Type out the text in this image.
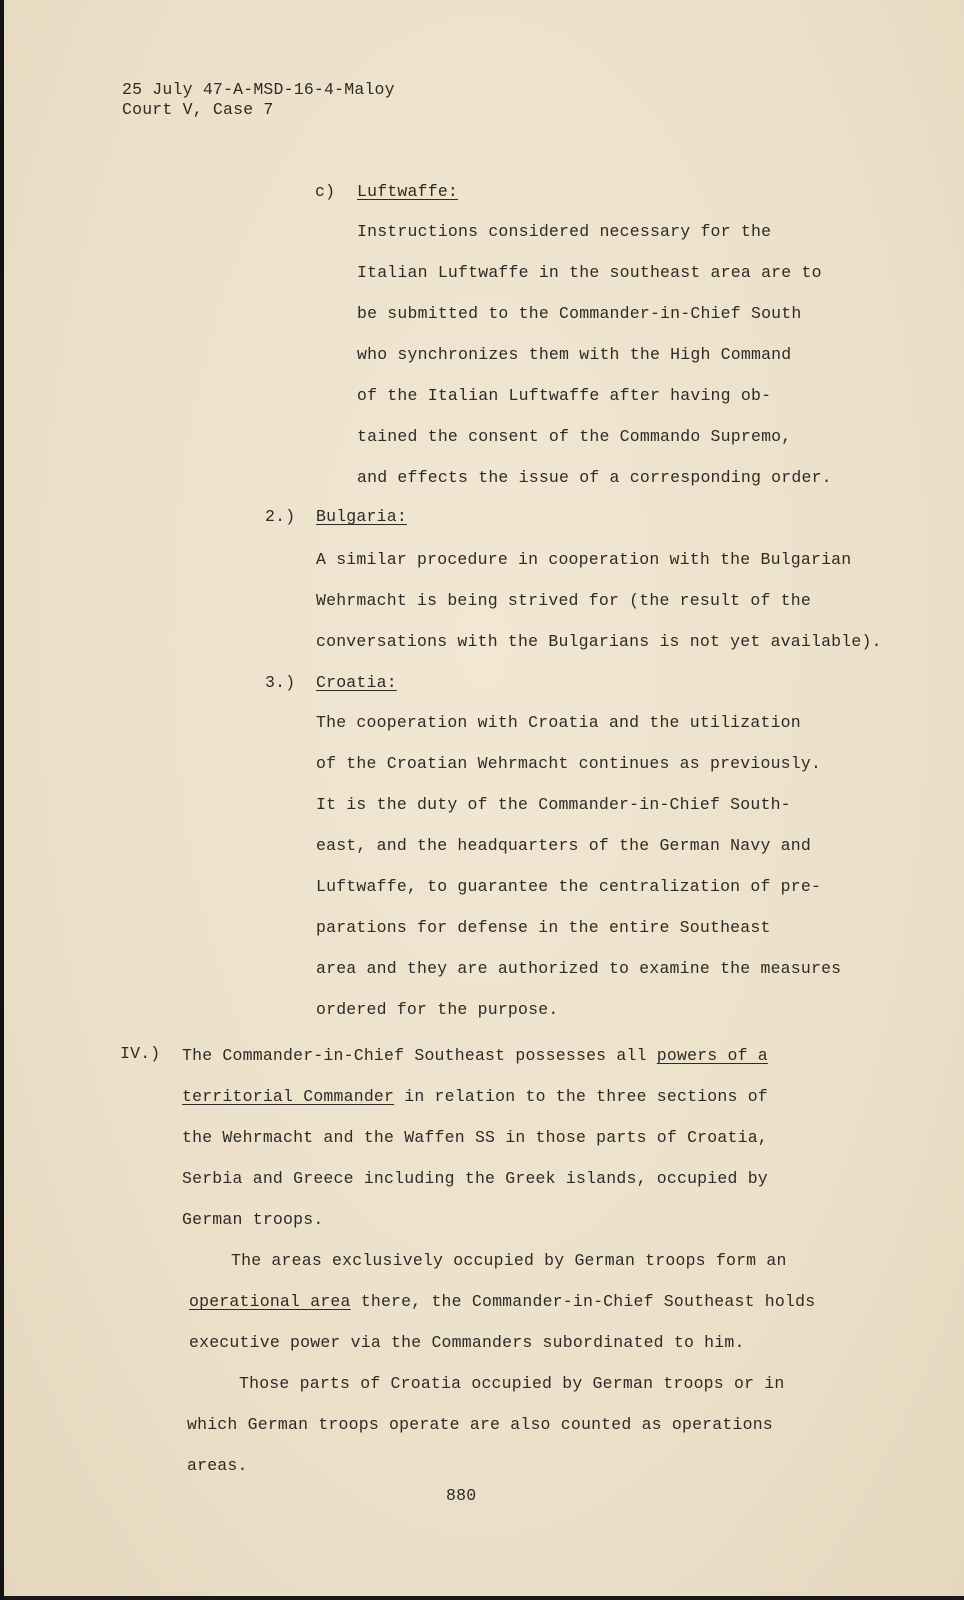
25 July 47-A-MSD-16-4-Maloy

Court V, Case 7

c) Luftwaffe:

Instructions considered necessary for the

Italian Luftwaffe in the southeast area are to

be submitted to the Commander-in-Chief South

who synchronizes them with the High Command

of the Italian Luftwaffe after having ob-

tained the consent of the Commando Supremo,

and effects the issue of a corresponding order.

2.) Bulgaria:

A similar procedure in cooperation with the Bulgarian

Wehrmacht is being strived for (the result of the

conversations with the Bulgarians is not yet available).

3.) Croatia:

The cooperation with Croatia and the utilization

of the Croatian Wehrmacht continues as previously.

It is the duty of the Commander-in-Chief South-

east, and the headquarters of the German Navy and

Luftwaffe, to guarantee the centralization of pre-

parations for defense in the entire Southeast

area and they are authorized to examine the measures

ordered for the purpose.

IV.) The Commander-in-Chief Southeast possesses all powers of a

territorial Commander in relation to the three sections of

the Wehrmacht and the Waffen SS in those parts of Croatia,

Serbia and Greece including the Greek islands, occupied by

German troops.

The areas exclusively occupied by German troops form an

operational area there, the Commander-in-Chief Southeast holds

executive power via the Commanders subordinated to him.

Those parts of Croatia occupied by German troops or in

which German troops operate are also counted as operations

areas.

880
